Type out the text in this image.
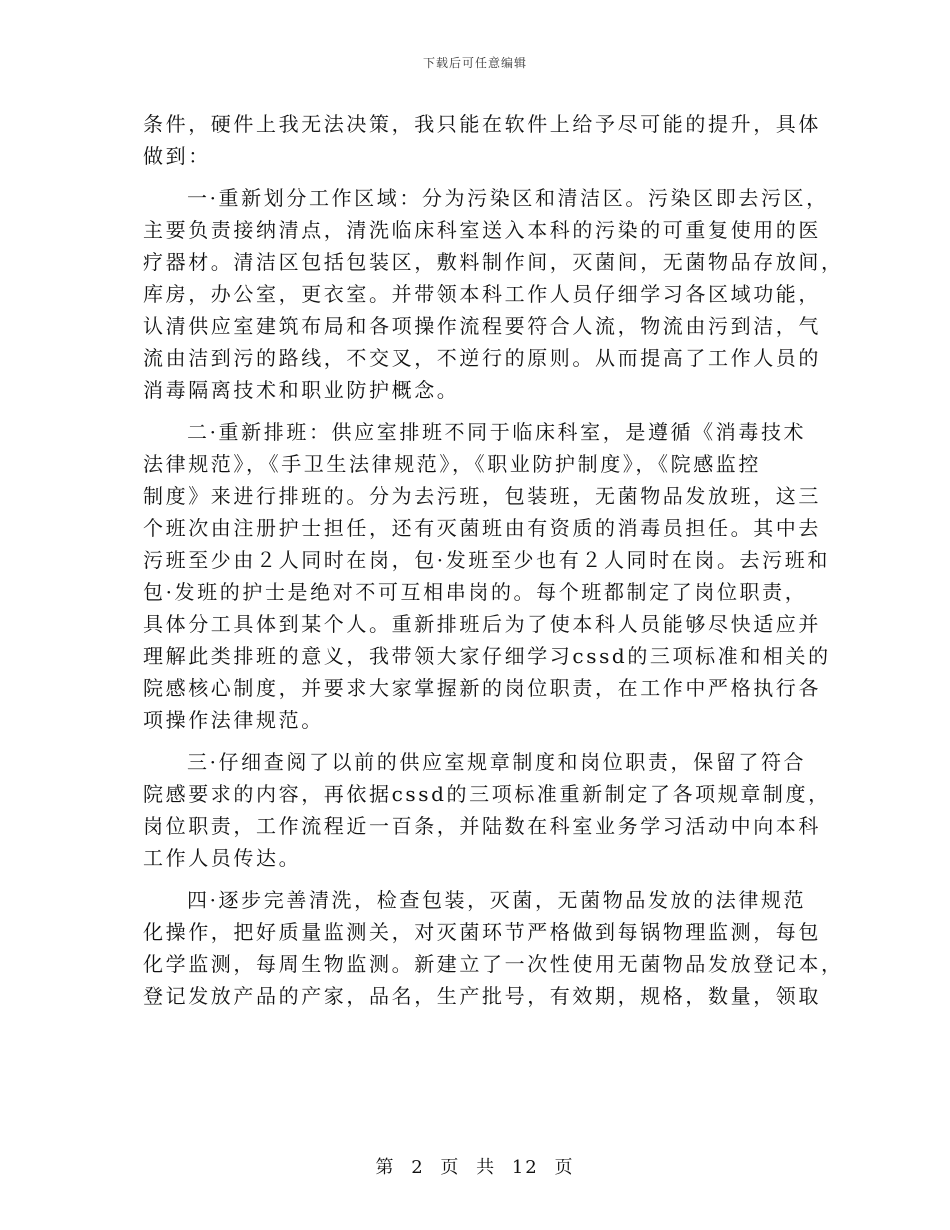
下载后可任意编辑
条件，硬件上我无法决策，我只能在软件上给予尽可能的提升，具体
做到：
一·重新划分工作区域：分为污染区和清洁区。污染区即去污区，
主要负责接纳清点，清洗临床科室送入本科的污染的可重复使用的医
疗器材。清洁区包括包装区，敷料制作间，灭菌间，无菌物品存放间，
库房，办公室，更衣室。并带领本科工作人员仔细学习各区域功能，
认清供应室建筑布局和各项操作流程要符合人流，物流由污到洁，气
流由洁到污的路线，不交叉，不逆行的原则。从而提高了工作人员的
消毒隔离技术和职业防护概念。
二·重新排班：供应室排班不同于临床科室，是遵循《消毒技术
法律规范》，《手卫生法律规范》，《职业防护制度》，《院感监控
制度》来进行排班的。分为去污班，包装班，无菌物品发放班，这三
个班次由注册护士担任，还有灭菌班由有资质的消毒员担任。其中去
污班至少由２人同时在岗，包·发班至少也有２人同时在岗。去污班和
包·发班的护士是绝对不可互相串岗的。每个班都制定了岗位职责，
具体分工具体到某个人。重新排班后为了使本科人员能够尽快适应并
理解此类排班的意义，我带领大家仔细学习cssd的三项标准和相关的
院感核心制度，并要求大家掌握新的岗位职责，在工作中严格执行各
项操作法律规范。
三·仔细查阅了以前的供应室规章制度和岗位职责，保留了符合
院感要求的内容，再依据cssd的三项标准重新制定了各项规章制度，
岗位职责，工作流程近一百条，并陆数在科室业务学习活动中向本科
工作人员传达。
四·逐步完善清洗，检查包装，灭菌，无菌物品发放的法律规范
化操作，把好质量监测关，对灭菌环节严格做到每锅物理监测，每包
化学监测，每周生物监测。新建立了一次性使用无菌物品发放登记本，
登记发放产品的产家，品名，生产批号，有效期，规格，数量，领取
第 2 页 共 12 页
